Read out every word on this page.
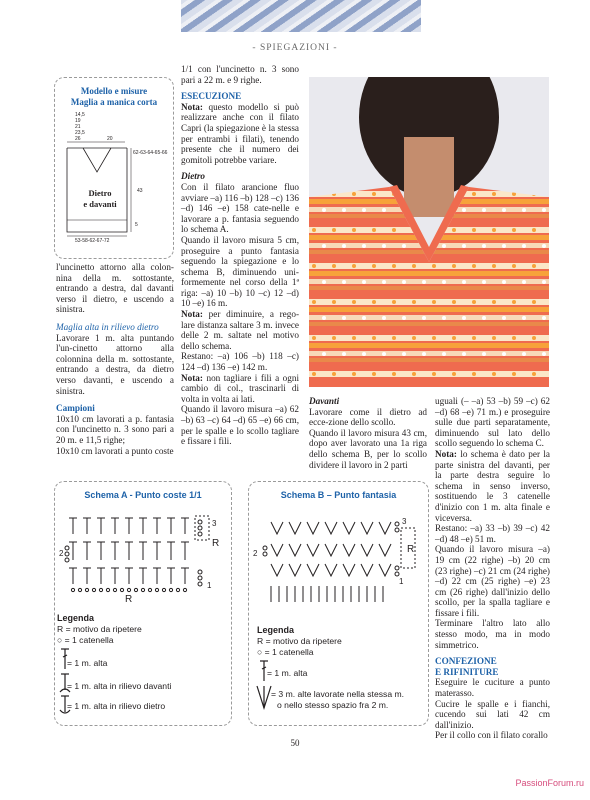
- SPIEGAZIONI -
Modello e misure
Maglia a manica corta
14,5
19
21
23,5
26	20
62-63-64-65-66
43
5
53-58-62-67-72
Dietro
e davanti

l'uncinetto attorno alla colon-nina della m. sottostante, entrando a destra, dal davanti verso il dietro, e uscendo a sinistra.

Maglia alta in rilievo dietro

Lavorare 1 m. alta puntando l'un-cinetto attorno alla colonnina della m. sottostante, entrando a destra, da dietro verso davanti, e uscendo a sinistra.

Campioni

10x10 cm lavorati a p. fantasia con l'uncinetto n. 3 sono pari a 20 m. e 11,5 righe;

10x10 cm lavorati a punto coste

1/1 con l'uncinetto n. 3 sono pari a 22 m. e 9 righe.

ESECUZIONE

Nota: questo modello si può realizzare anche con il filato Capri (la spiegazione è la stessa per entrambi i filati), tenendo presente che il numero dei gomitoli potrebbe variare.

Dietro

Con il filato arancione fluo avviare –a) 116 –b) 128 –c) 136 –d) 146 –e) 158 cate-nelle e lavorare a p. fantasia seguendo lo schema A.

Quando il lavoro misura 5 cm, proseguire a punto fantasia seguendo la spiegazione e lo schema B, diminuendo uni-formemente nel corso della 1ª riga: –a) 10 –b) 10 –c) 12 –d) 10 –e) 16 m.

Nota: per diminuire, a rego-lare distanza saltare 3 m. invece delle 2 m. saltate nel motivo dello schema.

Restano: –a) 106 –b) 118 –c) 124 –d) 136 –e) 142 m.

Nota: non tagliare i fili a ogni cambio di col., trascinarli di volta in volta ai lati.

Quando il lavoro misura –a) 62 –b) 63 –c) 64 –d) 65 –e) 66 cm, per le spalle e lo scollo tagliare e fissare i fili.

Davanti

Lavorare come il dietro ad ecce-zione dello scollo.

Quando il lavoro misura 43 cm, dopo aver lavorato una 1a riga dello schema B, per lo scollo dividere il lavoro in 2 parti

uguali (– –a) 53 –b) 59 –c) 62 –d) 68 –e) 71 m.) e proseguire sulle due parti separatamente, diminuendo sul lato dello scollo seguendo lo schema C.

Nota: lo schema è dato per la parte sinistra del davanti, per la parte destra seguire lo schema in senso inverso, sostituendo le 3 catenelle d'inizio con 1 m. alta finale e viceversa.

Restano: –a) 33 –b) 39 –c) 42 –d) 48 –e) 51 m.

Quando il lavoro misura –a) 19 cm (22 righe) –b) 20 cm (23 righe) –c) 21 cm (24 righe) –d) 22 cm (25 righe) –e) 23 cm (26 righe) dall'inizio dello scollo, per la spalla tagliare e fissare i fili.

Terminare l'altro lato allo stesso modo, ma in modo simmetrico.

CONFEZIONE

E RIFINITURE

Eseguire le cuciture a punto materasso.

Cucire le spalle e i fianchi, cucendo sui lati 42 cm dall'inizio.

Per il collo con il filato corallo

Schema A - Punto coste 1/1
3
2
1
R
R
Legenda
R = motivo da ripetere
○ = 1 catenella
= 1 m. alta
= 1 m. alta in rilievo davanti
= 1 m. alta in rilievo dietro
Schema B – Punto fantasia
3
2
1
R
Legenda
R = motivo da ripetere
○ = 1 catenella
= 1 m. alta
= 3 m. alte lavorate nella stessa m.
o nello stesso spazio fra 2 m.
50
PassionForum.ru
